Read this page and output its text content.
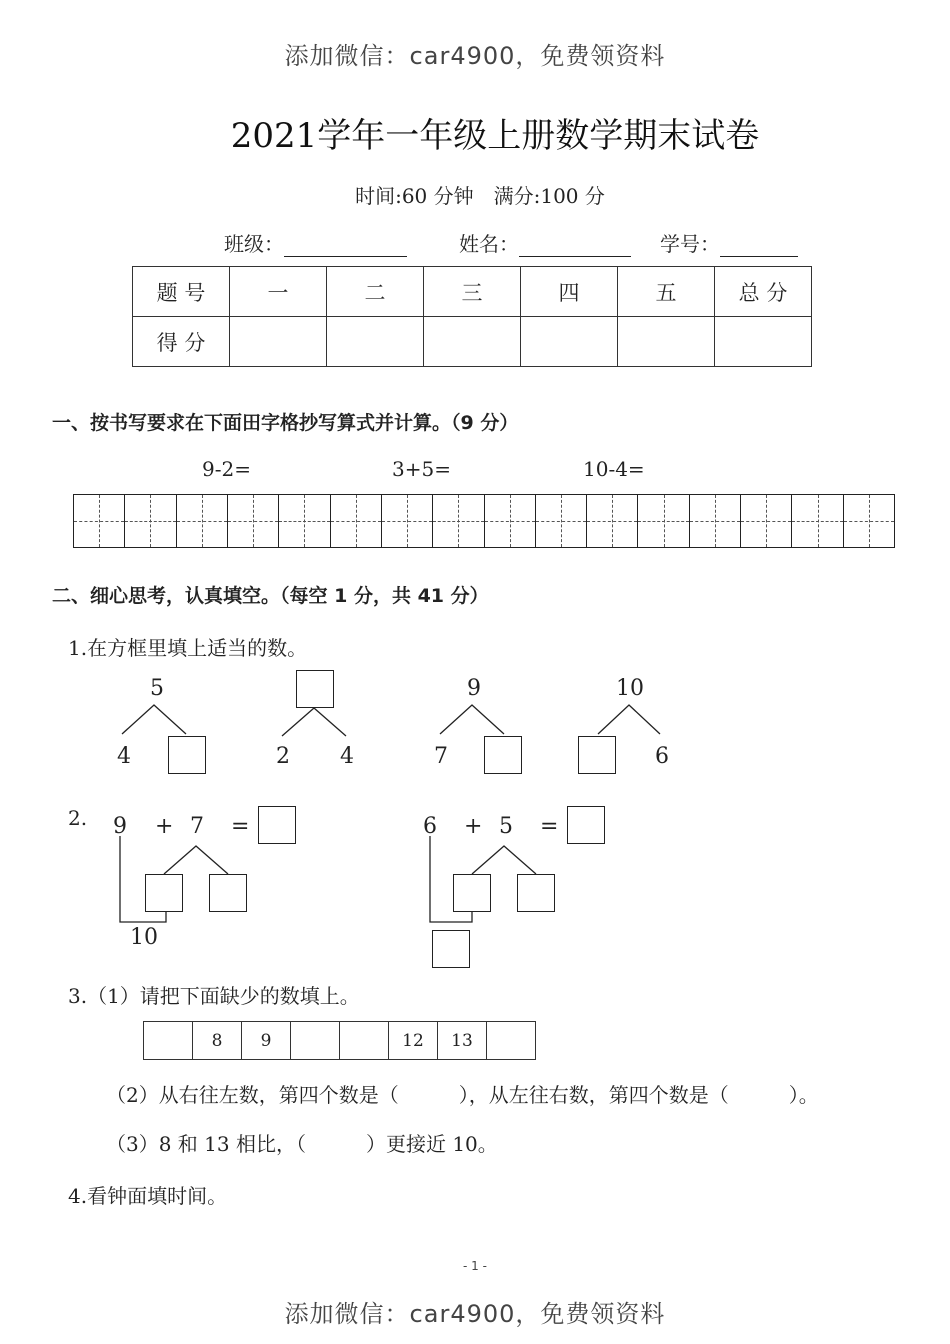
添加微信：car4900，免费领资料
添加微信：car4900，免费领资料
2021学年一年级上册数学期末试卷
时间:60 分钟　满分:100 分
班级：	姓名：	学号：
题 号	一	二	三	四	五	总 分
得 分						
一、按书写要求在下面田字格抄写算式并计算。（9 分）
9-2=	3+5=	10-4=
二、细心思考，认真填空。（每空 1 分，共 41 分）
1.在方框里填上适当的数。
5
4	2 4
9
7
10
6
2. 9 + 7 =
10
6 + 5 =
3.（1）请把下面缺少的数填上。
	8	9			12	13	
（2）从右往左数，第四个数是（　　　），从左往右数，第四个数是（　　　）。
（3）8 和 13 相比，（　　　）更接近 10。
4.看钟面填时间。
- 1 -
